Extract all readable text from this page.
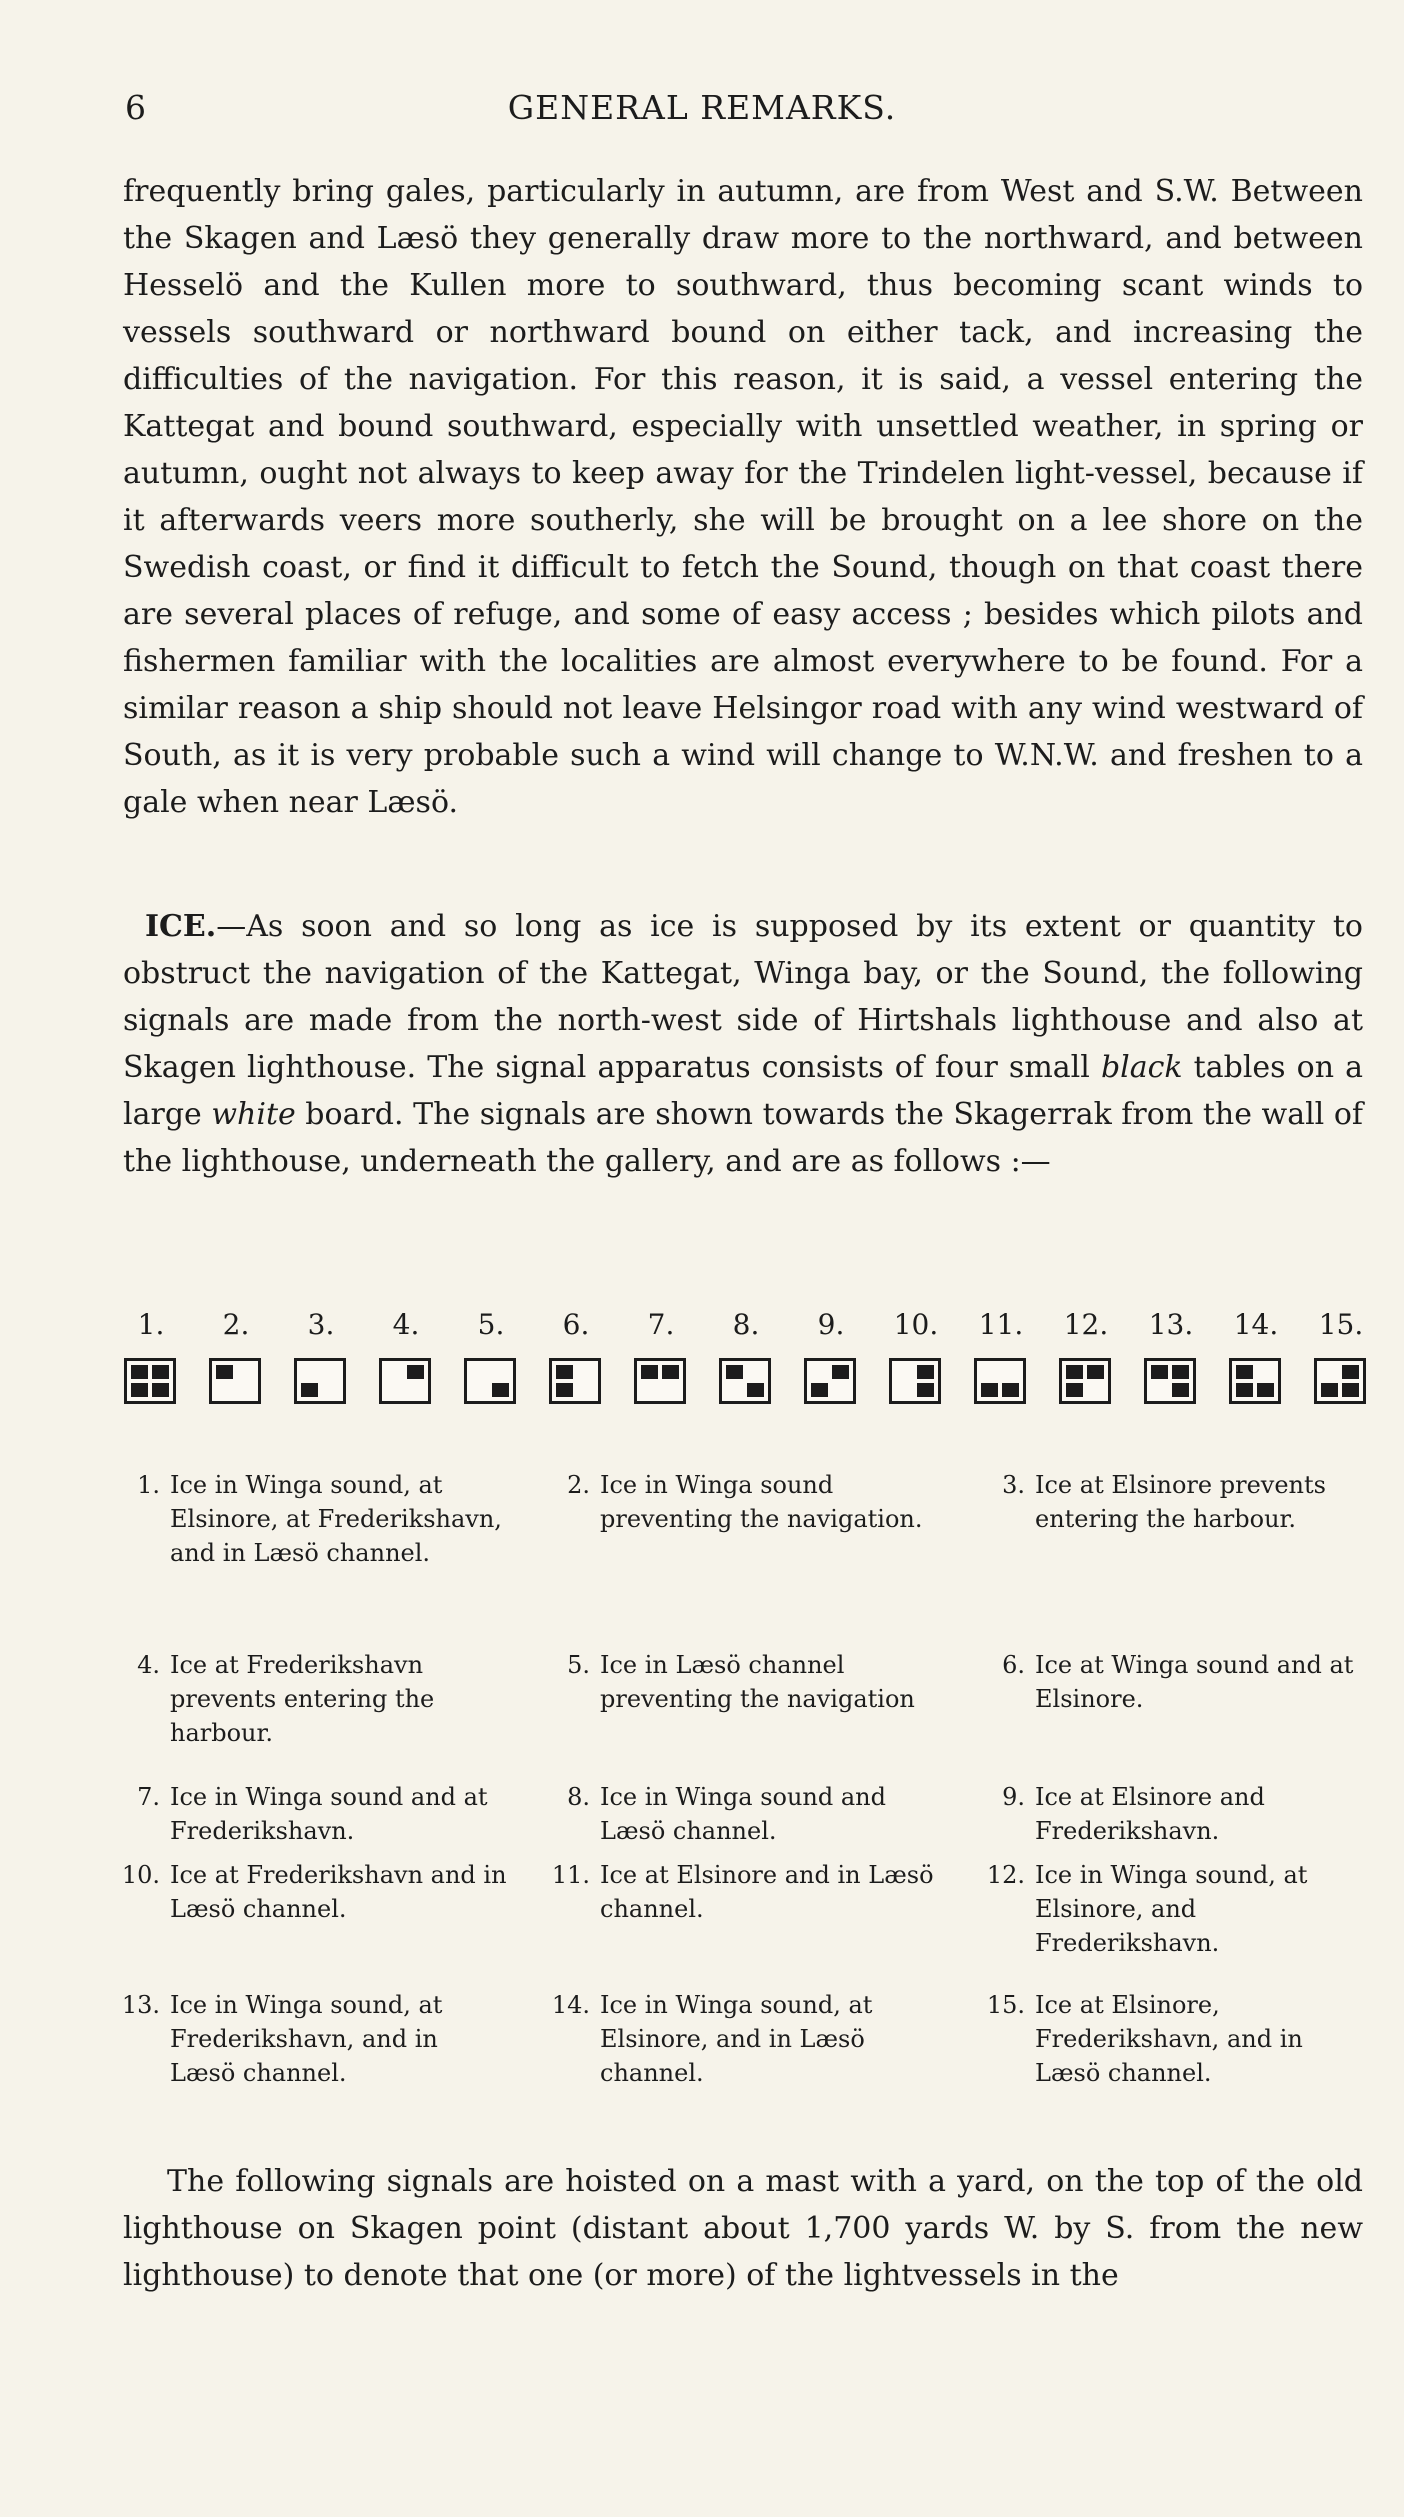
6	GENERAL REMARKS.

frequently bring gales, particularly in autumn, are from West and S.W. Between the Skagen and Læsö they generally draw more to the northward, and between Hesselö and the Kullen more to southward, thus becoming scant winds to vessels southward or northward bound on either tack, and increasing the difficulties of the navigation. For this reason, it is said, a vessel entering the Kattegat and bound southward, especially with unsettled weather, in spring or autumn, ought not always to keep away for the Trindelen light-vessel, because if it afterwards veers more southerly, she will be brought on a lee shore on the Swedish coast, or find it difficult to fetch the Sound, though on that coast there are several places of refuge, and some of easy access ; besides which pilots and fishermen familiar with the localities are almost everywhere to be found. For a similar reason a ship should not leave Helsingor road with any wind westward of South, as it is very probable such a wind will change to W.N.W. and freshen to a gale when near Læsö.

ICE.—As soon and so long as ice is supposed by its extent or quantity to obstruct the navigation of the Kattegat, Winga bay, or the Sound, the following signals are made from the north-west side of Hirtshals lighthouse and also at Skagen lighthouse. The signal apparatus consists of four small black tables on a large white board. The signals are shown towards the Skagerrak from the wall of the lighthouse, underneath the gallery, and are as follows :—

1.	2.	3.	4.	5.	6.	7.	8.	9.	10.	11.	12.	13.	14.	15.
1. Ice in Winga sound, at Elsinore, at Frederikshavn, and in Læsö channel.
2. Ice in Winga sound preventing the navigation.
3. Ice at Elsinore prevents entering the harbour.
4. Ice at Frederikshavn prevents entering the harbour.
5. Ice in Læsö channel preventing the navigation
6. Ice at Winga sound and at Elsinore.
7. Ice in Winga sound and at Frederikshavn.
8. Ice in Winga sound and Læsö channel.
9. Ice at Elsinore and Frederikshavn.
10. Ice at Frederikshavn and in Læsö channel.
11. Ice at Elsinore and in Læsö channel.
12. Ice in Winga sound, at Elsinore, and Frederikshavn.
13. Ice in Winga sound, at Frederikshavn, and in Læsö channel.
14. Ice in Winga sound, at Elsinore, and in Læsö channel.
15. Ice at Elsinore, Frederikshavn, and in Læsö channel.

The following signals are hoisted on a mast with a yard, on the top of the old lighthouse on Skagen point (distant about 1,700 yards W. by S. from the new lighthouse) to denote that one (or more) of the lightvessels in the
